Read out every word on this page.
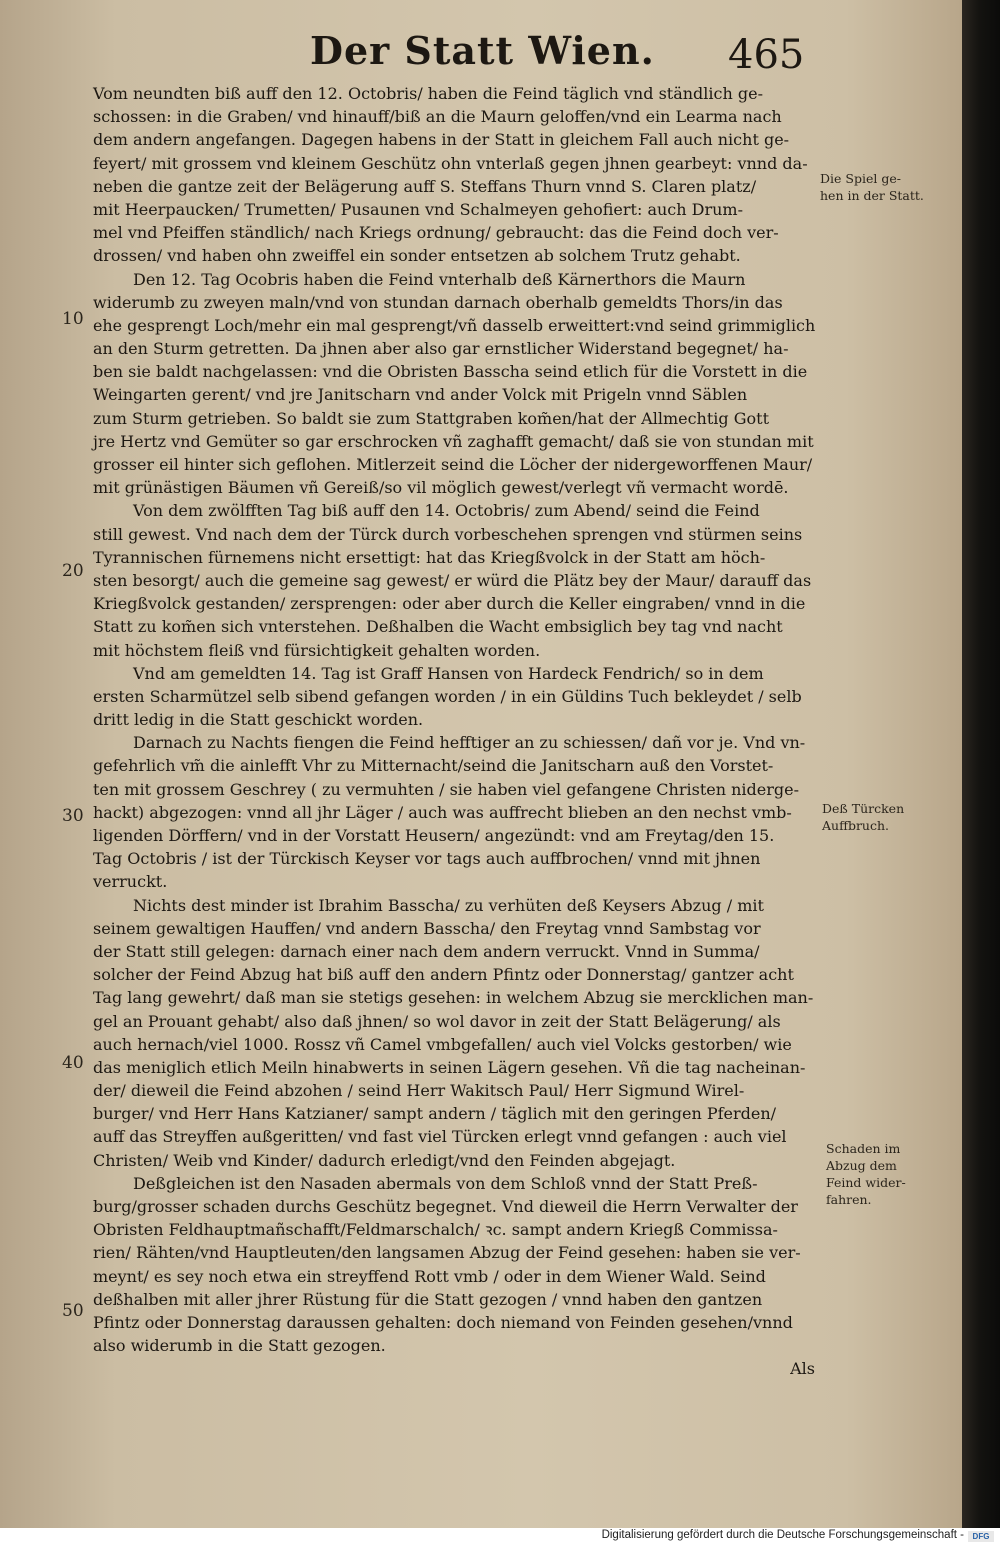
Der Statt Wien. 465
Vom neundten biß auff den 12. Octobris/ haben die Feind täglich vnd ständlich ge-
schossen: in die Graben/ vnd hinauff/biß an die Maurn geloffen/vnd ein Learma nach
dem andern angefangen. Dagegen habens in der Statt in gleichem Fall auch nicht ge-
feyert/ mit grossem vnd kleinem Geschütz ohn vnterlaß gegen jhnen gearbeyt: vnnd da-
neben die gantze zeit der Belägerung auff S. Steffans Thurn vnnd S. Claren platz/
mit Heerpaucken/ Trumetten/ Pusaunen vnd Schalmeyen gehofiert: auch Drum-
mel vnd Pfeiffen ständlich/ nach Kriegs ordnung/ gebraucht: das die Feind doch ver-
drossen/ vnd haben ohn zweiffel ein sonder entsetzen ab solchem Trutz gehabt.
Den 12. Tag Ocobris haben die Feind vnterhalb deß Kärnerthors die Maurn
widerumb zu zweyen maln/vnd von stundan darnach oberhalb gemeldts Thors/in das
ehe gesprengt Loch/mehr ein mal gesprengt/vñ dasselb erweittert:vnd seind grimmiglich
an den Sturm getretten. Da jhnen aber also gar ernstlicher Widerstand begegnet/ ha-
ben sie baldt nachgelassen: vnd die Obristen Basscha seind etlich für die Vorstett in die
Weingarten gerent/ vnd jre Janitscharn vnd ander Volck mit Prigeln vnnd Säblen
zum Sturm getrieben. So baldt sie zum Stattgraben kom̃en/hat der Allmechtig Gott
jre Hertz vnd Gemüter so gar erschrocken vñ zaghafft gemacht/ daß sie von stundan mit
grosser eil hinter sich geflohen. Mitlerzeit seind die Löcher der nidergeworffenen Maur/
mit grünästigen Bäumen vñ Gereiß/so vil möglich gewest/verlegt vñ vermacht wordē.
Von dem zwölfften Tag biß auff den 14. Octobris/ zum Abend/ seind die Feind
still gewest. Vnd nach dem der Türck durch vorbeschehen sprengen vnd stürmen seins
Tyrannischen fürnemens nicht ersettigt: hat das Kriegßvolck in der Statt am höch-
sten besorgt/ auch die gemeine sag gewest/ er würd die Plätz bey der Maur/ darauff das
Kriegßvolck gestanden/ zersprengen: oder aber durch die Keller eingraben/ vnnd in die
Statt zu kom̃en sich vnterstehen. Deßhalben die Wacht embsiglich bey tag vnd nacht
mit höchstem fleiß vnd fürsichtigkeit gehalten worden.
Vnd am gemeldten 14. Tag ist Graff Hansen von Hardeck Fendrich/ so in dem
ersten Scharmützel selb sibend gefangen worden / in ein Güldins Tuch bekleydet / selb
dritt ledig in die Statt geschickt worden.
Darnach zu Nachts fiengen die Feind hefftiger an zu schiessen/ dañ vor je. Vnd vn-
gefehrlich vm̃ die ainlefft Vhr zu Mitternacht/seind die Janitscharn auß den Vorstet-
ten mit grossem Geschrey ( zu vermuhten / sie haben viel gefangene Christen niderge-
hackt) abgezogen: vnnd all jhr Läger / auch was auffrecht blieben an den nechst vmb-
ligenden Dörffern/ vnd in der Vorstatt Heusern/ angezündt: vnd am Freytag/den 15.
Tag Octobris / ist der Türckisch Keyser vor tags auch auffbrochen/ vnnd mit jhnen
verruckt.
Nichts dest minder ist Ibrahim Basscha/ zu verhüten deß Keysers Abzug / mit
seinem gewaltigen Hauffen/ vnd andern Basscha/ den Freytag vnnd Sambstag vor
der Statt still gelegen: darnach einer nach dem andern verruckt. Vnnd in Summa/
solcher der Feind Abzug hat biß auff den andern Pfintz oder Donnerstag/ gantzer acht
Tag lang gewehrt/ daß man sie stetigs gesehen: in welchem Abzug sie mercklichen man-
gel an Prouant gehabt/ also daß jhnen/ so wol davor in zeit der Statt Belägerung/ als
auch hernach/viel 1000. Rossz vñ Camel vmbgefallen/ auch viel Volcks gestorben/ wie
das meniglich etlich Meiln hinabwerts in seinen Lägern gesehen. Vñ die tag nacheinan-
der/ dieweil die Feind abzohen / seind Herr Wakitsch Paul/ Herr Sigmund Wirel-
burger/ vnd Herr Hans Katzianer/ sampt andern / täglich mit den geringen Pferden/
auff das Streyffen außgeritten/ vnd fast viel Türcken erlegt vnnd gefangen : auch viel
Christen/ Weib vnd Kinder/ dadurch erledigt/vnd den Feinden abgejagt.
Deßgleichen ist den Nasaden abermals von dem Schloß vnnd der Statt Preß-
burg/grosser schaden durchs Geschütz begegnet. Vnd dieweil die Herrn Verwalter der
Obristen Feldhauptmañschafft/Feldmarschalch/ ꝛc. sampt andern Kriegß Commissa-
rien/ Rähten/vnd Hauptleuten/den langsamen Abzug der Feind gesehen: haben sie ver-
meynt/ es sey noch etwa ein streyffend Rott vmb / oder in dem Wiener Wald. Seind
deßhalben mit aller jhrer Rüstung für die Statt gezogen / vnnd haben den gantzen
Pfintz oder Donnerstag daraussen gehalten: doch niemand von Feinden gesehen/vnnd
also widerumb in die Statt gezogen.
Als
10
20
30
40
50
Die Spiel ge-
hen in der Statt.
Deß Türcken
Auffbruch.
Schaden im
Abzug dem
Feind wider-
fahren.
Digitalisierung gefördert durch die Deutsche Forschungsgemeinschaft -	DFG
